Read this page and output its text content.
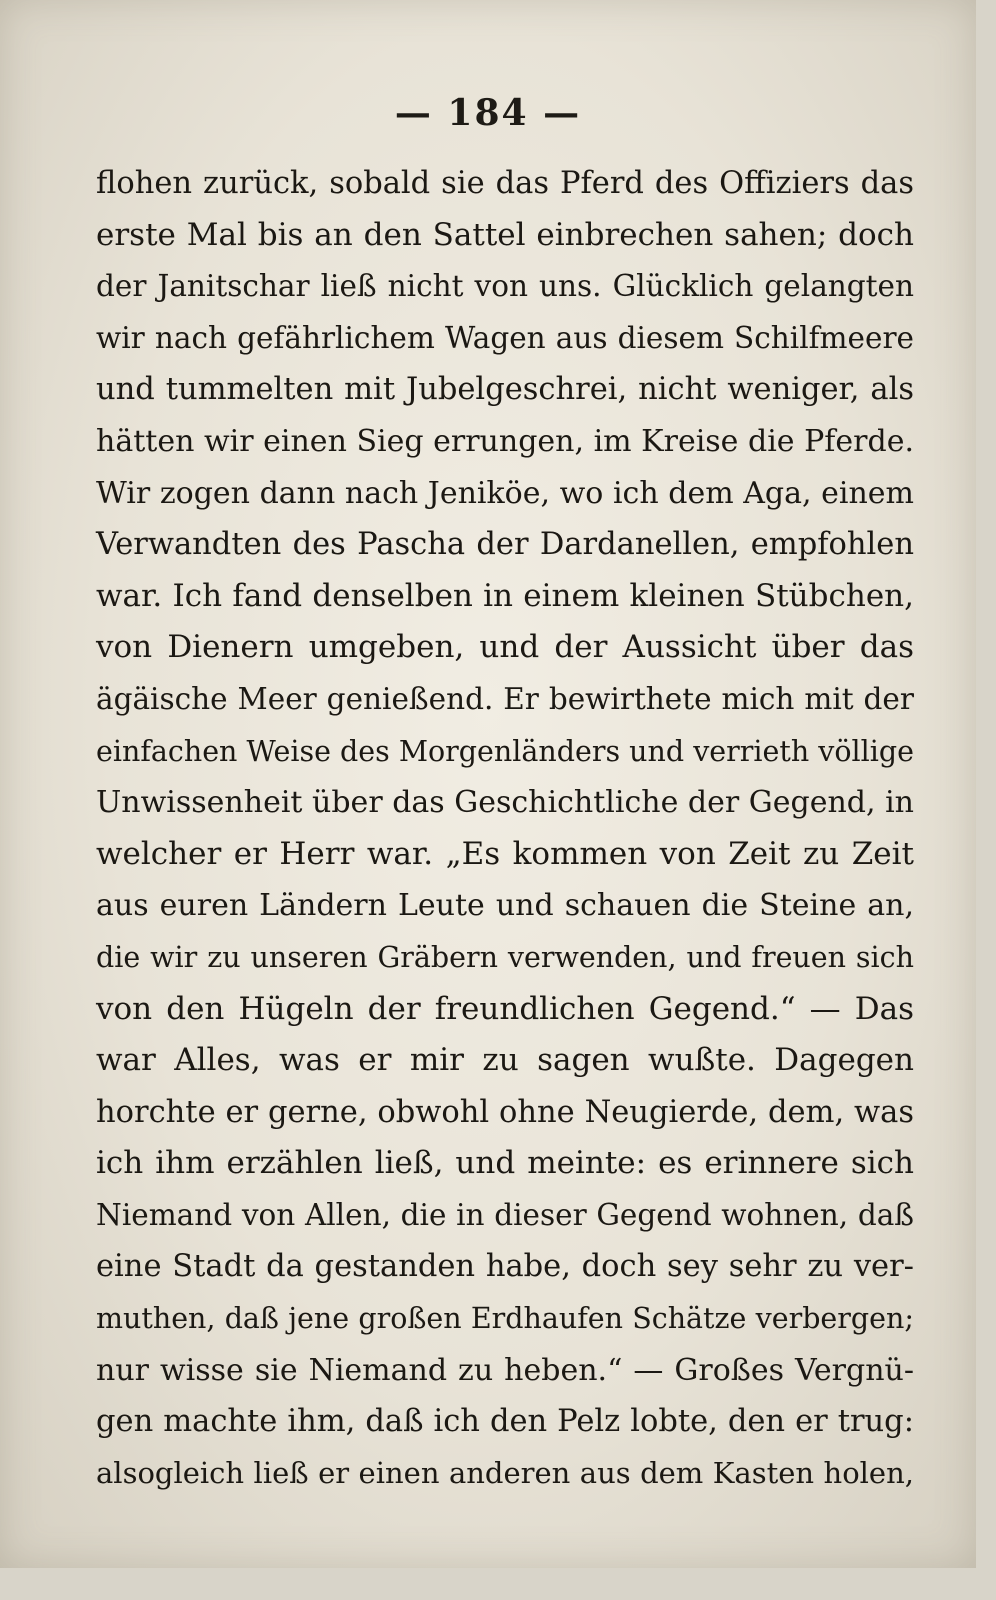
— 184 —
flohen zurück, sobald sie das Pferd des Offiziers das
erste Mal bis an den Sattel einbrechen sahen; doch
der Janitschar ließ nicht von uns. Glücklich gelangten
wir nach gefährlichem Wagen aus diesem Schilfmeere
und tummelten mit Jubelgeschrei, nicht weniger, als
hätten wir einen Sieg errungen, im Kreise die Pferde.
Wir zogen dann nach Jeniköe, wo ich dem Aga, einem
Verwandten des Pascha der Dardanellen, empfohlen
war. Ich fand denselben in einem kleinen Stübchen,
von Dienern umgeben, und der Aussicht über das
ägäische Meer genießend. Er bewirthete mich mit der
einfachen Weise des Morgenländers und verrieth völlige
Unwissenheit über das Geschichtliche der Gegend, in
welcher er Herr war. „Es kommen von Zeit zu Zeit
aus euren Ländern Leute und schauen die Steine an,
die wir zu unseren Gräbern verwenden, und freuen sich
von den Hügeln der freundlichen Gegend.“ — Das
war Alles, was er mir zu sagen wußte. Dagegen
horchte er gerne, obwohl ohne Neugierde, dem, was
ich ihm erzählen ließ, und meinte: es erinnere sich
Niemand von Allen, die in dieser Gegend wohnen, daß
eine Stadt da gestanden habe, doch sey sehr zu ver-
muthen, daß jene großen Erdhaufen Schätze verbergen;
nur wisse sie Niemand zu heben.“ — Großes Vergnü-
gen machte ihm, daß ich den Pelz lobte, den er trug:
alsogleich ließ er einen anderen aus dem Kasten holen,
